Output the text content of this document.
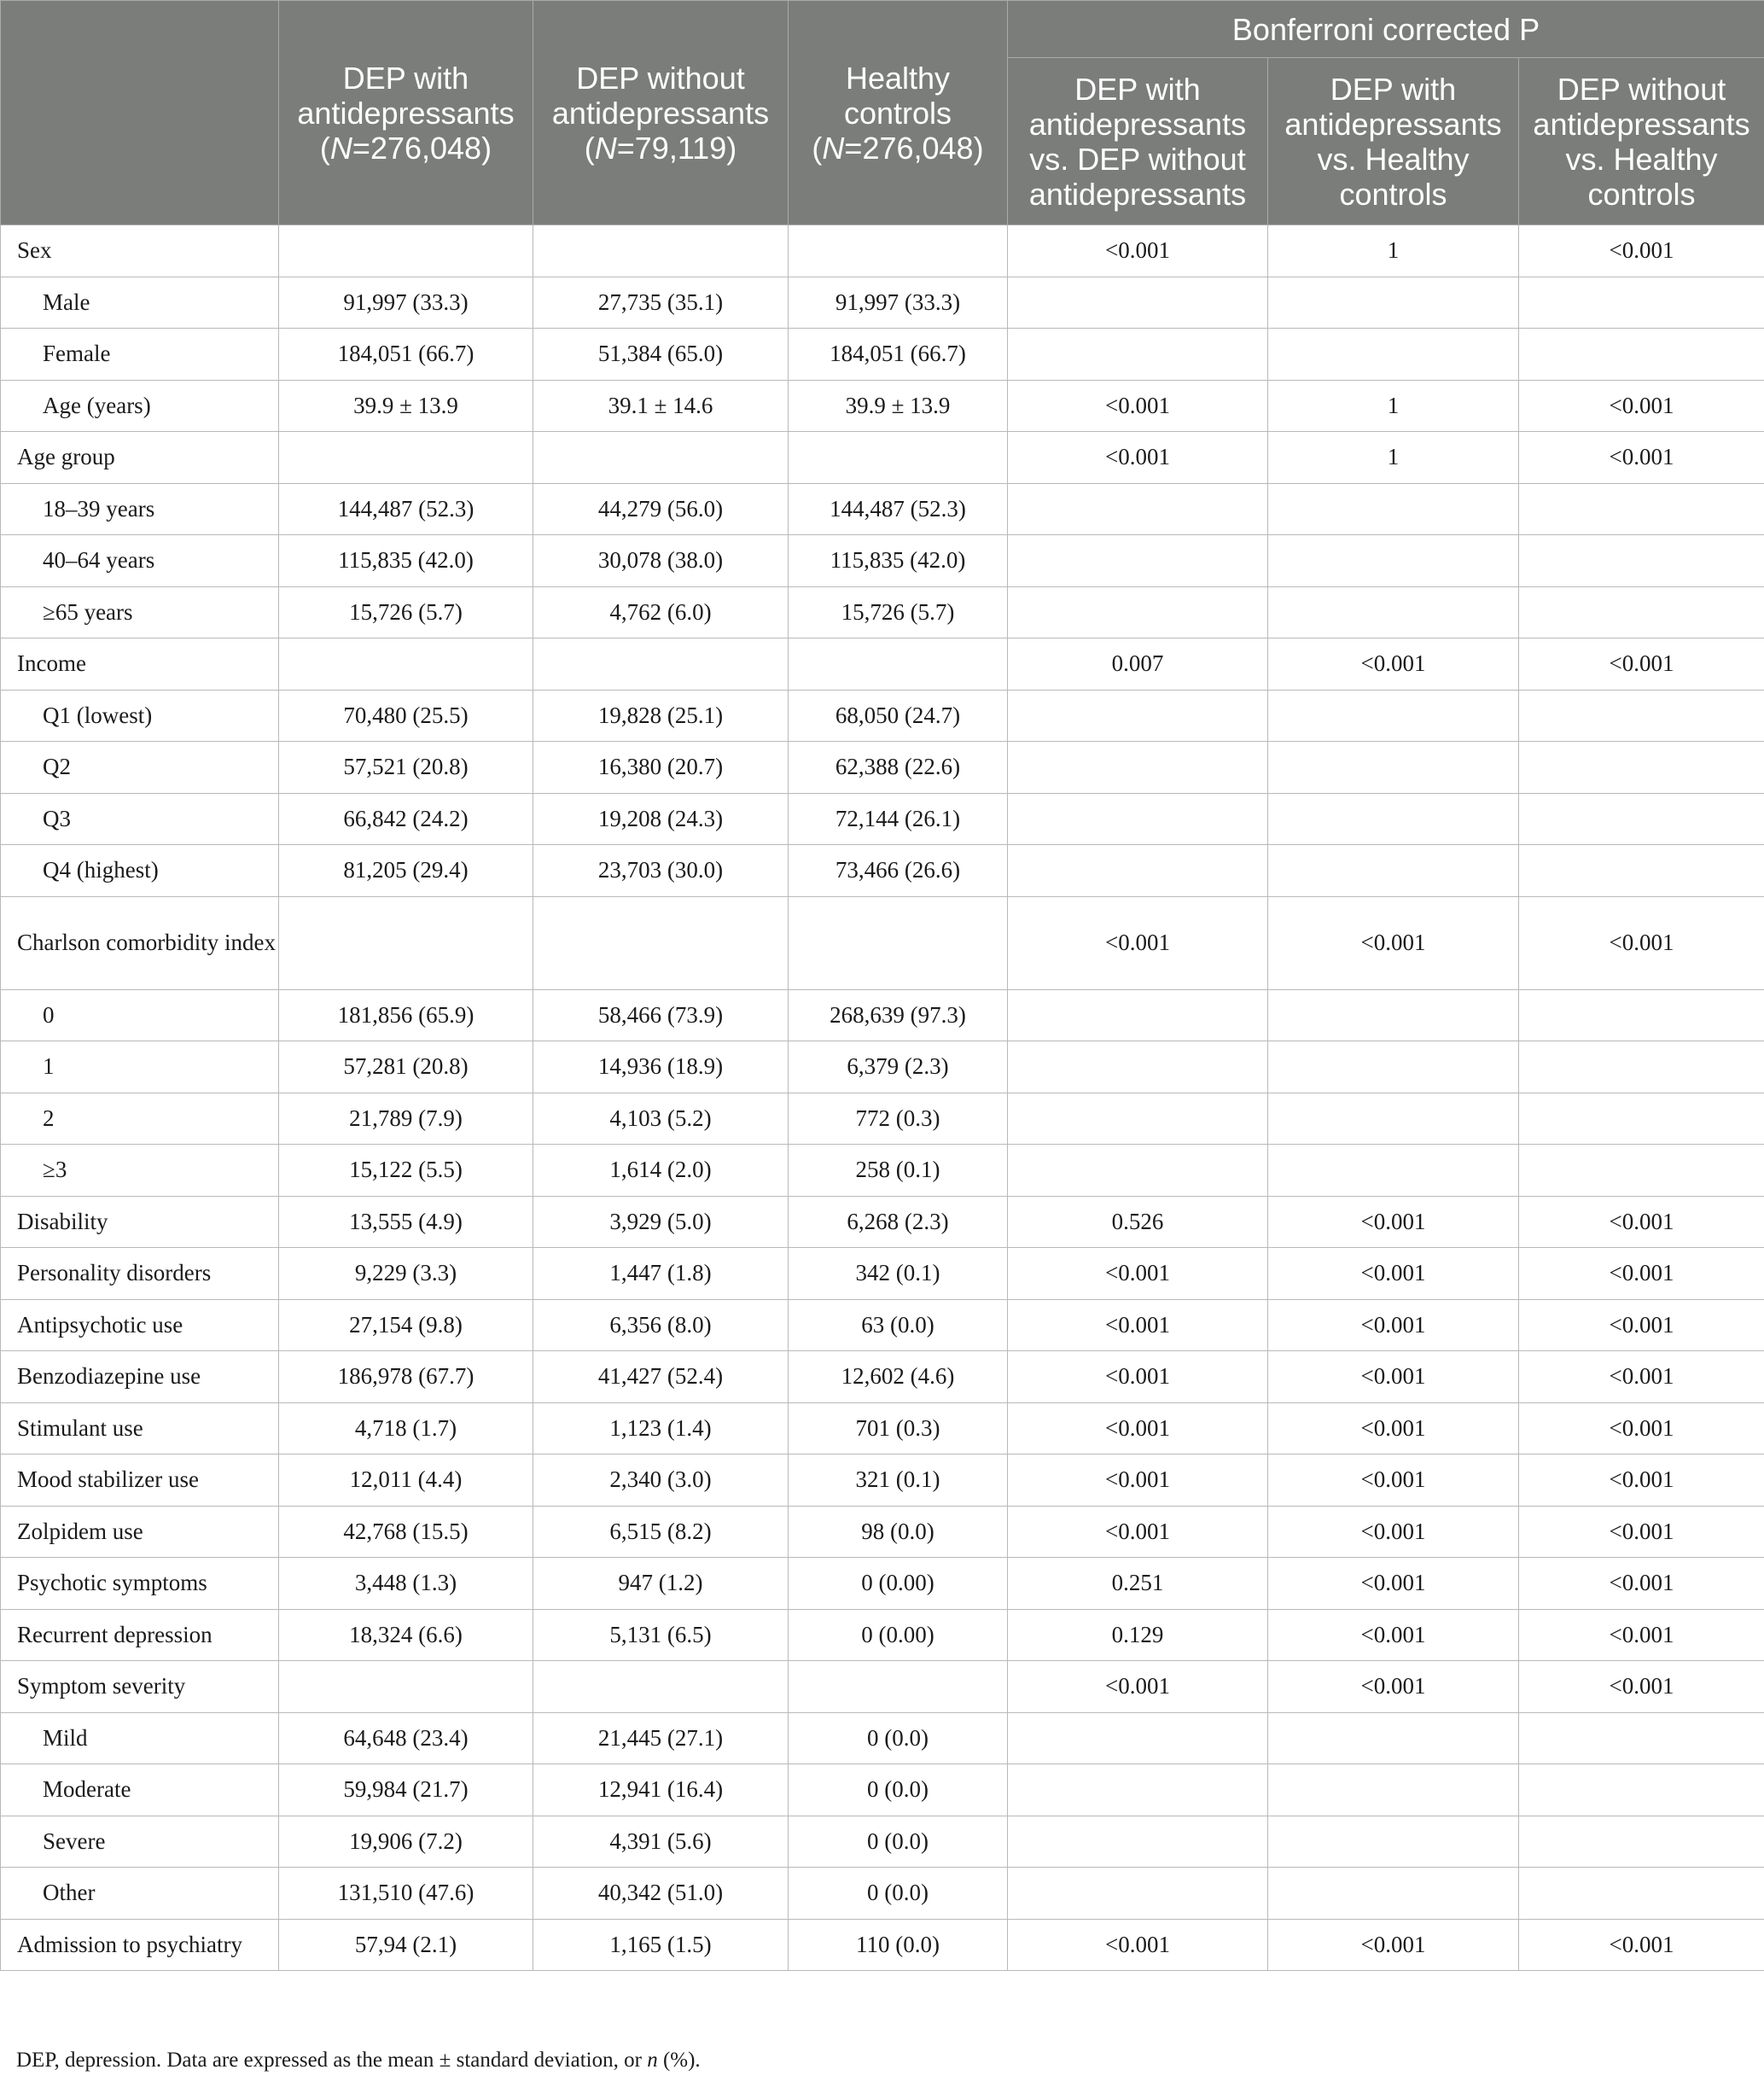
	DEP with antidepressants (N=276,048)	DEP without antidepressants (N=79,119)	Healthy controls (N=276,048)	Bonferroni corrected P		
				DEP with antidepressants vs. DEP without antidepressants	DEP with antidepressants vs. Healthy controls	DEP without antidepressants vs. Healthy controls
Sex				<0.001	1	<0.001
Male	91,997 (33.3)	27,735 (35.1)	91,997 (33.3)			
Female	184,051 (66.7)	51,384 (65.0)	184,051 (66.7)			
Age (years)	39.9 ± 13.9	39.1 ± 14.6	39.9 ± 13.9	<0.001	1	<0.001
Age group				<0.001	1	<0.001
18–39 years	144,487 (52.3)	44,279 (56.0)	144,487 (52.3)			
40–64 years	115,835 (42.0)	30,078 (38.0)	115,835 (42.0)			
≥65 years	15,726 (5.7)	4,762 (6.0)	15,726 (5.7)			
Income				0.007	<0.001	<0.001
Q1 (lowest)	70,480 (25.5)	19,828 (25.1)	68,050 (24.7)			
Q2	57,521 (20.8)	16,380 (20.7)	62,388 (22.6)			
Q3	66,842 (24.2)	19,208 (24.3)	72,144 (26.1)			
Q4 (highest)	81,205 (29.4)	23,703 (30.0)	73,466 (26.6)			
Charlson comorbidity index				<0.001	<0.001	<0.001
0	181,856 (65.9)	58,466 (73.9)	268,639 (97.3)			
1	57,281 (20.8)	14,936 (18.9)	6,379 (2.3)			
2	21,789 (7.9)	4,103 (5.2)	772 (0.3)			
≥3	15,122 (5.5)	1,614 (2.0)	258 (0.1)			
Disability	13,555 (4.9)	3,929 (5.0)	6,268 (2.3)	0.526	<0.001	<0.001
Personality disorders	9,229 (3.3)	1,447 (1.8)	342 (0.1)	<0.001	<0.001	<0.001
Antipsychotic use	27,154 (9.8)	6,356 (8.0)	63 (0.0)	<0.001	<0.001	<0.001
Benzodiazepine use	186,978 (67.7)	41,427 (52.4)	12,602 (4.6)	<0.001	<0.001	<0.001
Stimulant use	4,718 (1.7)	1,123 (1.4)	701 (0.3)	<0.001	<0.001	<0.001
Mood stabilizer use	12,011 (4.4)	2,340 (3.0)	321 (0.1)	<0.001	<0.001	<0.001
Zolpidem use	42,768 (15.5)	6,515 (8.2)	98 (0.0)	<0.001	<0.001	<0.001
Psychotic symptoms	3,448 (1.3)	947 (1.2)	0 (0.00)	0.251	<0.001	<0.001
Recurrent depression	18,324 (6.6)	5,131 (6.5)	0 (0.00)	0.129	<0.001	<0.001
Symptom severity				<0.001	<0.001	<0.001
Mild	64,648 (23.4)	21,445 (27.1)	0 (0.0)			
Moderate	59,984 (21.7)	12,941 (16.4)	0 (0.0)			
Severe	19,906 (7.2)	4,391 (5.6)	0 (0.0)			
Other	131,510 (47.6)	40,342 (51.0)	0 (0.0)			
Admission to psychiatry	57,94 (2.1)	1,165 (1.5)	110 (0.0)	<0.001	<0.001	<0.001
DEP, depression. Data are expressed as the mean ± standard deviation, or n (%).
